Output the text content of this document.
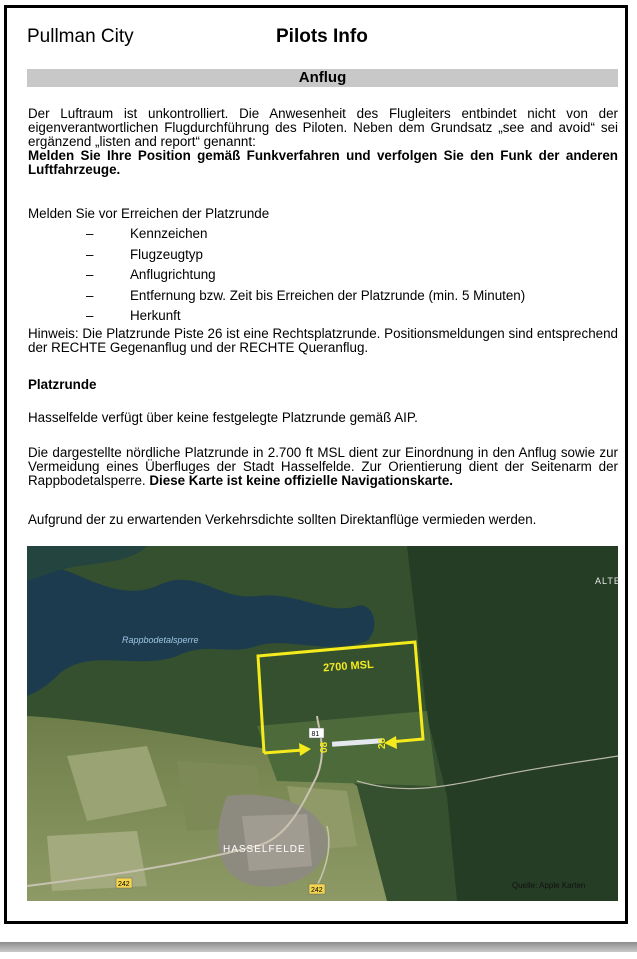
Pullman City	Pilots Info
Anflug
Der Luftraum ist unkontrolliert. Die Anwesenheit des Flugleiters entbindet nicht von der eigenverantwortlichen Flugdurchführung des Piloten. Neben dem Grundsatz „see and avoid“ sei ergänzend „listen and report“ genannt:
Melden Sie Ihre Position gemäß Funkverfahren und verfolgen Sie den Funk der anderen Luftfahrzeuge.
Melden Sie vor Erreichen der Platzrunde
–	Kennzeichen
–	Flugzeugtyp
–	Anflugrichtung
–	Entfernung bzw. Zeit bis Erreichen der Platzrunde (min. 5 Minuten)
–	Herkunft
Hinweis: Die Platzrunde Piste 26 ist eine Rechtsplatzrunde. Positionsmeldungen sind entsprechend der RECHTE Gegenanflug und der RECHTE Queranflug.
Platzrunde
Hasselfelde verfügt über keine festgelegte Platzrunde gemäß AIP.
Die dargestellte nördliche Platzrunde in 2.700 ft MSL dient zur Einordnung in den Anflug sowie zur Vermeidung eines Überfluges der Stadt Hasselfelde. Zur Orientierung dient der Seitenarm der Rappbodetalsperre. Diese Karte ist keine offizielle Navigationskarte.
Aufgrund der zu erwartenden Verkehrsdichte sollten Direktanflüge vermieden werden.
Rappbodetalsperre
2700 MSL
08	26
HASSELFELDE
81
242
242
ALTE
Quelle: Apple Karten
